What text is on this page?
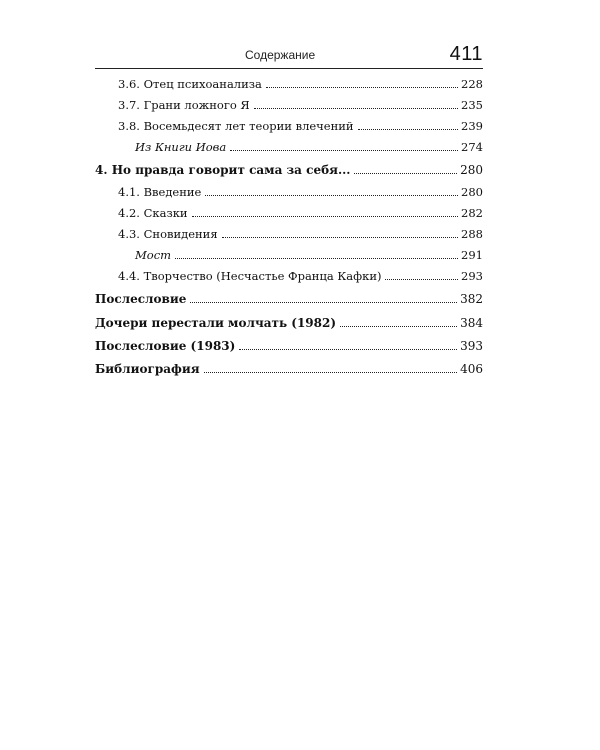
Содержание	411
3.6. Отец психоанализа	228
3.7. Грани ложного Я	235
3.8. Восемьдесят лет теории влечений	239
Из Книги Иова	274
4. Но правда говорит сама за себя...	280
4.1. Введение	280
4.2. Сказки	282
4.3. Сновидения	288
Мост	291
4.4. Творчество (Несчастье Франца Кафки)	293
Послесловие	382
Дочери перестали молчать (1982)	384
Послесловие (1983)	393
Библиография	406
